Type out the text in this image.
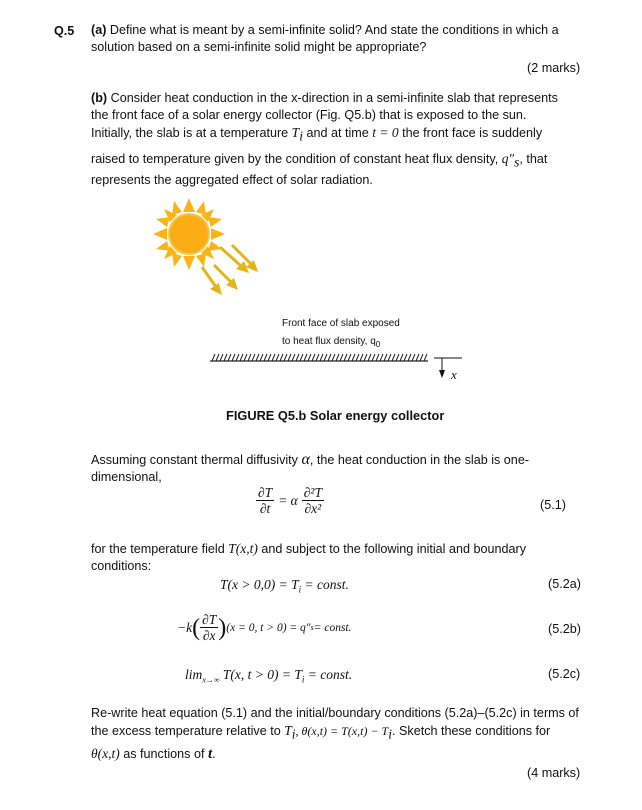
Q.5 (a) Define what is meant by a semi-infinite solid? And state the conditions in which a
solution based on a semi-infinite solid might be appropriate?
(2 marks)
(b) Consider heat conduction in the x-direction in a semi-infinite slab that represents
the front face of a solar energy collector (Fig. Q5.b) that is exposed to the sun.
Initially, the slab is at a temperature $T_i$ and at time t = 0 the front face is suddenly
raised to temperature given by the condition of constant heat flux density, $q''_s$, that
represents the aggregated effect of solar radiation.
Front face of slab exposed
to heat flux density, $q_0$
x
FIGURE Q5.b Solar energy collector
Assuming constant thermal diffusivity α, the heat conduction in the slab is one-
dimensional,
$\frac{\partial T}{\partial t} = \alpha \frac{\text{∂²T}}{\text{∂x²}}$	(5.1)
for the temperature field T(x,t) and subject to the following initial and boundary
conditions:
$T(x > 0,0) = T_i$ = const.	(5.2a)
−k ( $\frac{\partial T}{\partial x}$ ) (x = 0, t > 0) = q″ s = const.	(5.2b)
$\lim_{x\to\infty} T(x$, $t > 0) = T_i$ = const.	(5.2c)
Re-write heat equation (5.1) and the initial/boundary conditions (5.2a)–(5.2c) in terms of
the excess temperature relative to $T_i$, $\theta(x,t) = T(x,t) - T_i$. Sketch these conditions for
θ(x,t) as functions of t.
(4 marks)
